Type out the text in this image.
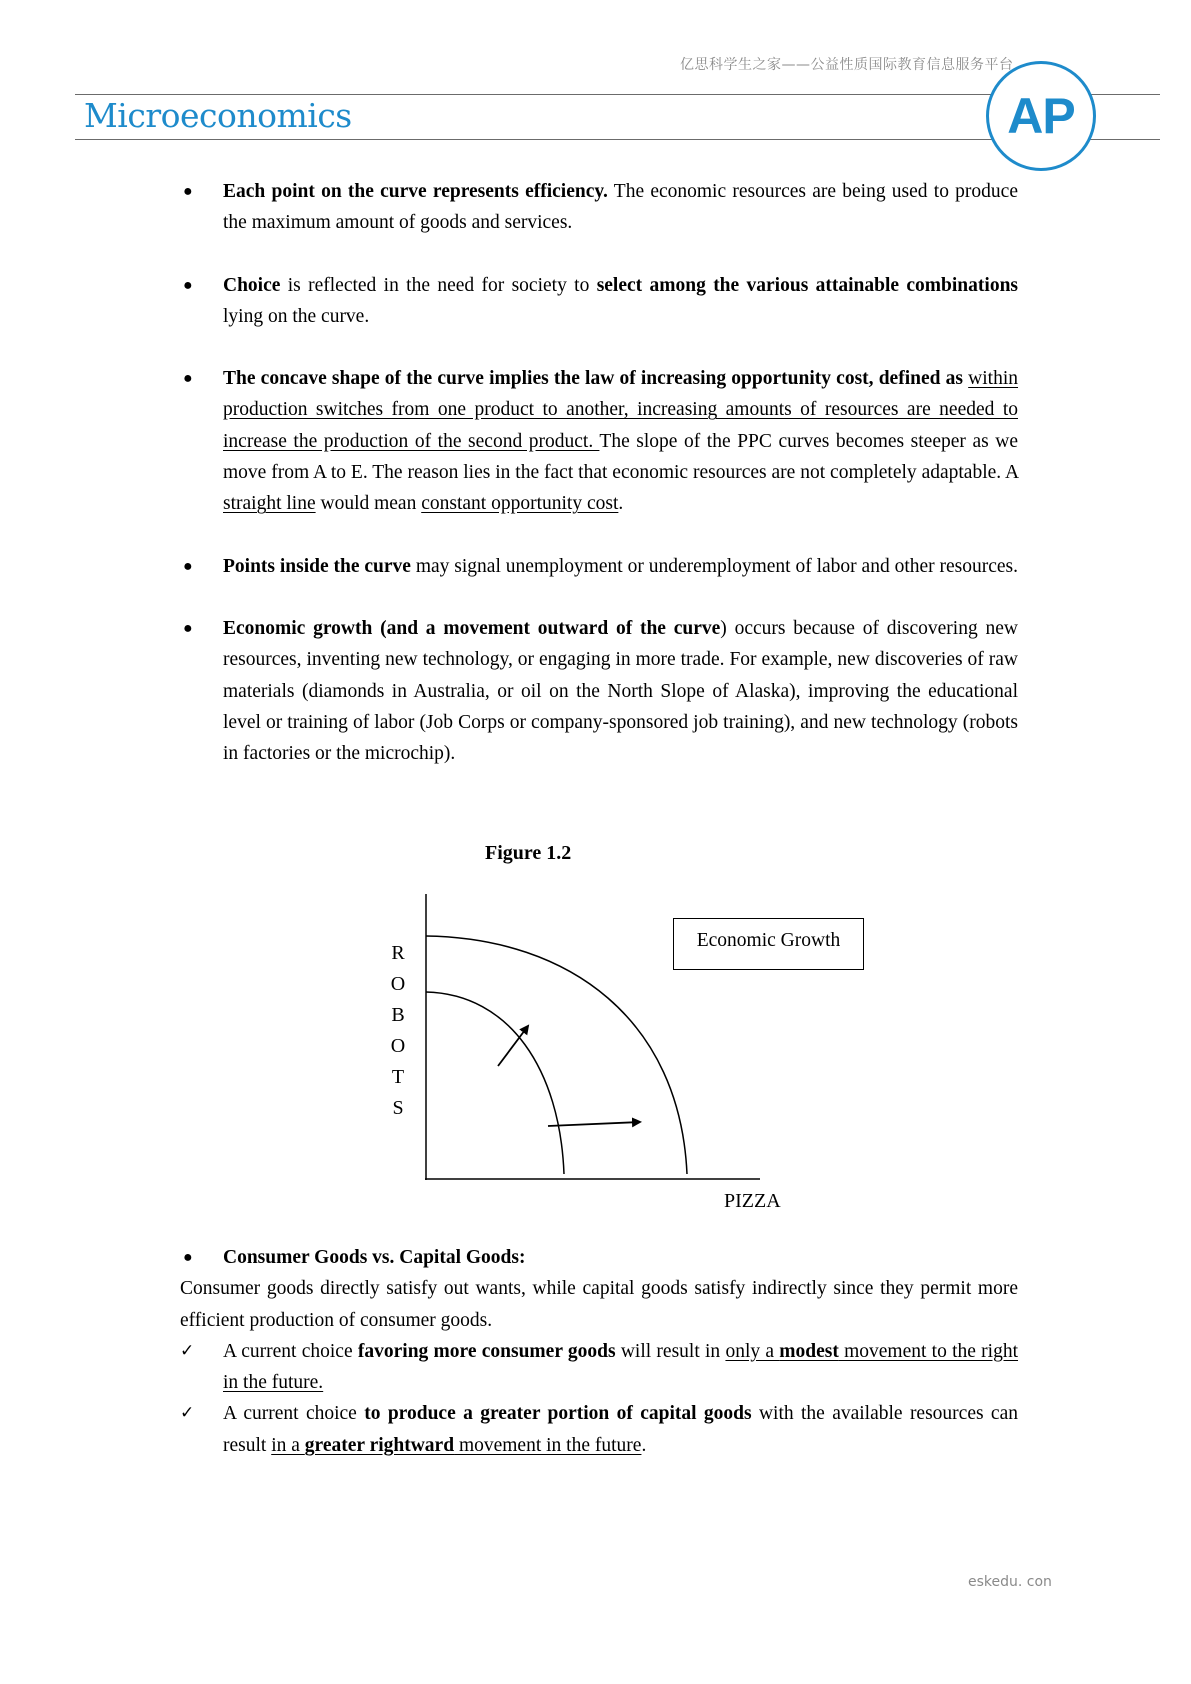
亿思科学生之家——公益性质国际教育信息服务平台
Microeconomics	AP
● Each point on the curve represents efficiency. The economic resources are being used to produce the maximum amount of goods and services.
● Choice is reflected in the need for society to select among the various attainable combinations lying on the curve.
● The concave shape of the curve implies the law of increasing opportunity cost, defined as within production switches from one product to another, increasing amounts of resources are needed to increase the production of the second product. The slope of the PPC curves becomes steeper as we move from A to E. The reason lies in the fact that economic resources are not completely adaptable. A straight line would mean constant opportunity cost.
● Points inside the curve may signal unemployment or underemployment of labor and other resources.
● Economic growth (and a movement outward of the curve) occurs because of discovering new resources, inventing new technology, or engaging in more trade. For example, new discoveries of raw materials (diamonds in Australia, or oil on the North Slope of Alaska), improving the educational level or training of labor (Job Corps or company-sponsored job training), and new technology (robots in factories or the microchip).
Figure 1.2
R
O
B
O
T
S
Economic Growth
PIZZA
● Consumer Goods vs. Capital Goods:
Consumer goods directly satisfy out wants, while capital goods satisfy indirectly since they permit more efficient production of consumer goods.
✓ A current choice favoring more consumer goods will result in only a modest movement to the right in the future.
✓ A current choice to produce a greater portion of capital goods with the available resources can result in a greater rightward movement in the future.
eskedu. con
